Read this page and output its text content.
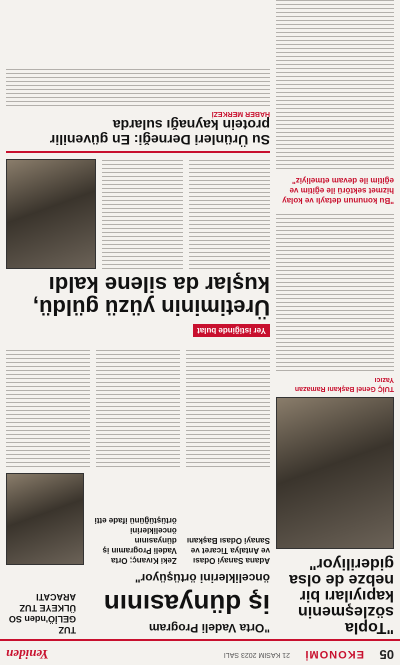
05
EKONOMİ
21 KASIM 2023 SALI
Yeniden
"Topla sözleşmenin kapıyıları bir nebze de olsa gideriliyor"
TUİÇ Genel Başkanı Ramazan Yazıcı
"Bu konunun detaylı ve kolay hizmet sektörü ile eğitim ve eğitim ile devam etmeliyiz"
"Orta Vadeli Program
iş dünyasının
önceliklerini örtüşüyor"
TUZ GELİÖ'nden SO ÜLKEYE TUZ ARACATI
Adana Sanayi Odası ve Antalya Ticaret ve Sanayi Odası Başkanı
Zeki Kıvanç; Orta Vadeli Programın iş dünyasının önceliklerini örtüştüğünü ifade etti
Yer istiğinde bulat
Üretiminin yüzü güldü, kuşlar da silene kaldı
Su Ürünleri Derneği: En güvenilir protein kaynağı sularda
HABER MERKEZİ
